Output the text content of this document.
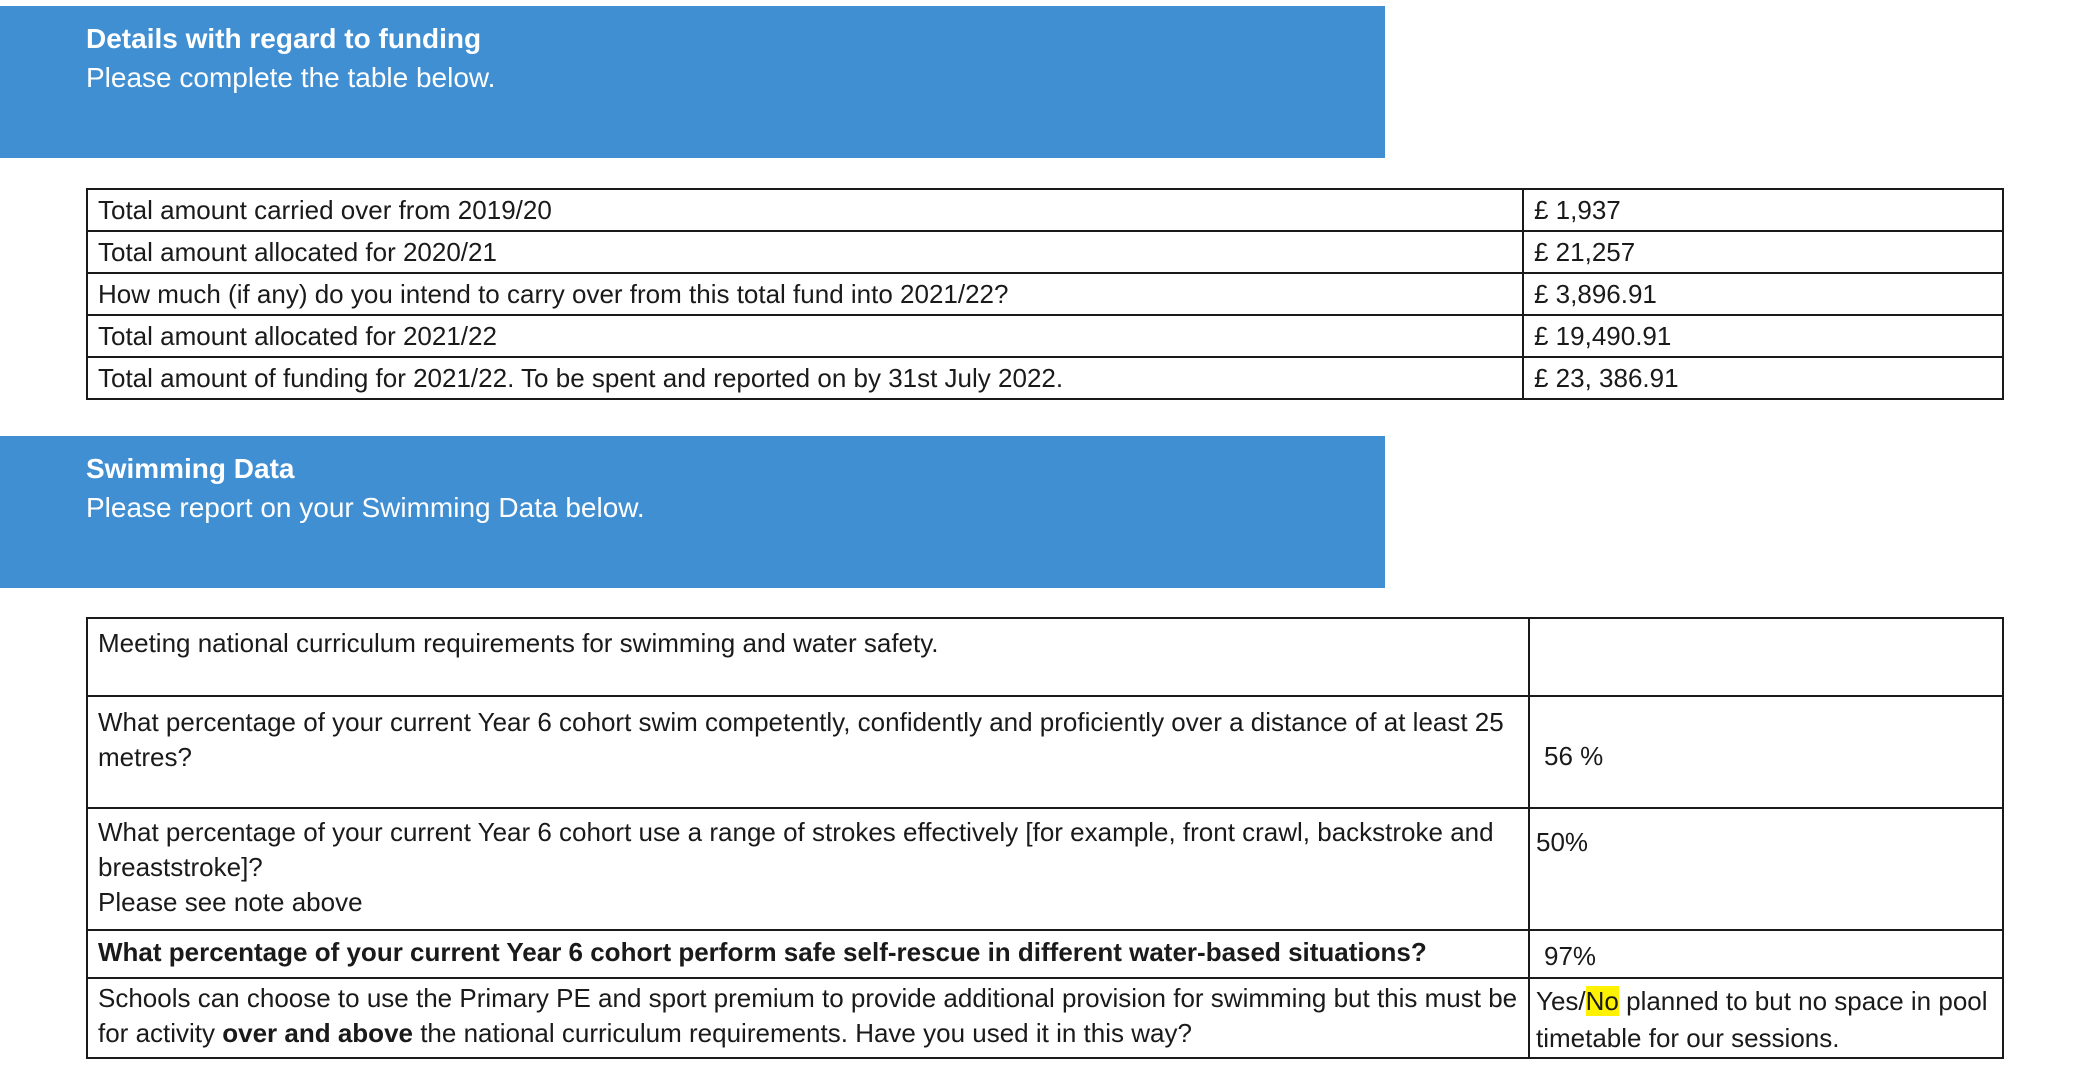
Details with regard to funding
Please complete the table below.
Total amount carried over from 2019/20	£ 1,937
Total amount allocated for 2020/21	£ 21,257
How much (if any) do you intend to carry over from this total fund into 2021/22?	£ 3,896.91
Total amount allocated for 2021/22	£ 19,490.91
Total amount of funding for 2021/22. To be spent and reported on by 31st July 2022.	£ 23, 386.91
Swimming Data
Please report on your Swimming Data below.
Meeting national curriculum requirements for swimming and water safety.	
What percentage of your current Year 6 cohort swim competently, confidently and proficiently over a distance of at least 25 metres?	56 %

What percentage of your current Year 6 cohort use a range of strokes effectively [for example, front crawl, backstroke and breaststroke]?
Please see note above	50%
What percentage of your current Year 6 cohort perform safe self-rescue in different water-based situations?	97%
Schools can choose to use the Primary PE and sport premium to provide additional provision for swimming but this must be for activity over and above the national curriculum requirements. Have you used it in this way?	Yes/No planned to but no space in pool timetable for our sessions.
